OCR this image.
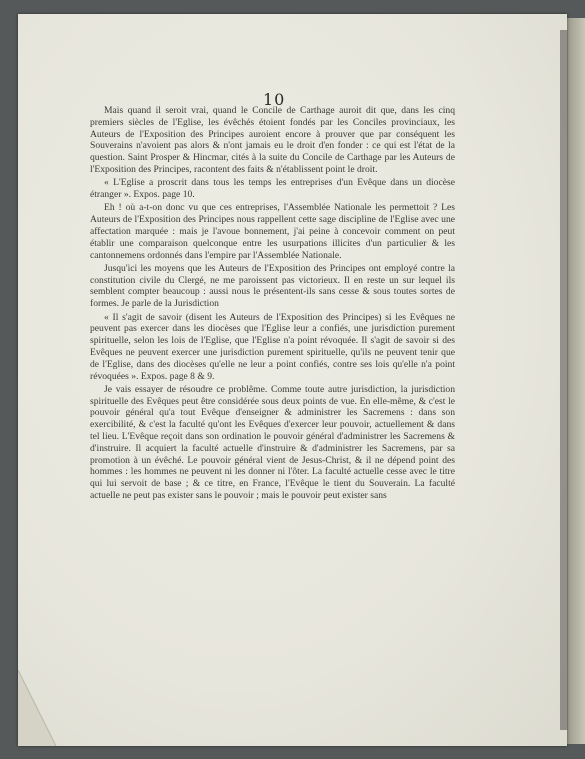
10

Mais quand il seroit vrai, quand le Concile de Carthage auroit dit que, dans les cinq premiers siècles de l'Eglise, les évêchés étoient fondés par les Conciles provinciaux, les Auteurs de l'Exposition des Principes auroient encore à prouver que par conséquent les Souverains n'avoient pas alors & n'ont jamais eu le droit d'en fonder : ce qui est l'état de la question. Saint Prosper & Hincmar, cités à la suite du Concile de Carthage par les Auteurs de l'Exposition des Principes, racontent des faits & n'établissent point le droit.

« L'Eglise a proscrit dans tous les temps les entreprises d'un Evêque dans un diocèse étranger ». Expos. page 10.

Eh ! où a-t-on donc vu que ces entreprises, l'Assemblée Nationale les permettoit ? Les Auteurs de l'Exposition des Principes nous rappellent cette sage discipline de l'Eglise avec une affectation marquée : mais je l'avoue bonnement, j'ai peine à concevoir comment on peut établir une comparaison quelconque entre les usurpations illicites d'un particulier & les cantonnemens ordonnés dans l'empire par l'Assemblée Nationale.

Jusqu'ici les moyens que les Auteurs de l'Exposition des Principes ont employé contre la constitution civile du Clergé, ne me paroissent pas victorieux. Il en reste un sur lequel ils semblent compter beaucoup : aussi nous le présentent-ils sans cesse & sous toutes sortes de formes. Je parle de la Jurisdiction

« Il s'agit de savoir (disent les Auteurs de l'Exposition des Principes) si les Evêques ne peuvent pas exercer dans les diocèses que l'Eglise leur a confiés, une jurisdiction purement spirituelle, selon les lois de l'Eglise, que l'Eglise n'a point révoquée. Il s'agit de savoir si des Evêques ne peuvent exercer une jurisdiction purement spirituelle, qu'ils ne peuvent tenir que de l'Eglise, dans des diocèses qu'elle ne leur a point confiés, contre ses lois qu'elle n'a point révoquées ». Expos. page 8 & 9.

Je vais essayer de résoudre ce problême. Comme toute autre jurisdiction, la jurisdiction spirituelle des Evêques peut être considérée sous deux points de vue. En elle-même, & c'est le pouvoir général qu'a tout Evêque d'enseigner & administrer les Sacremens : dans son exercibilité, & c'est la faculté qu'ont les Evêques d'exercer leur pouvoir, actuellement & dans tel lieu. L'Evêque reçoit dans son ordination le pouvoir général d'administrer les Sacremens & d'instruire. Il acquiert la faculté actuelle d'instruire & d'administrer les Sacremens, par sa promotion à un évêché. Le pouvoir général vient de Jesus-Christ, & il ne dépend point des hommes : les hommes ne peuvent ni les donner ni l'ôter. La faculté actuelle cesse avec le titre qui lui servoit de base ; & ce titre, en France, l'Evêque le tient du Souverain. La faculté actuelle ne peut pas exister sans le pouvoir ; mais le pouvoir peut exister sans
